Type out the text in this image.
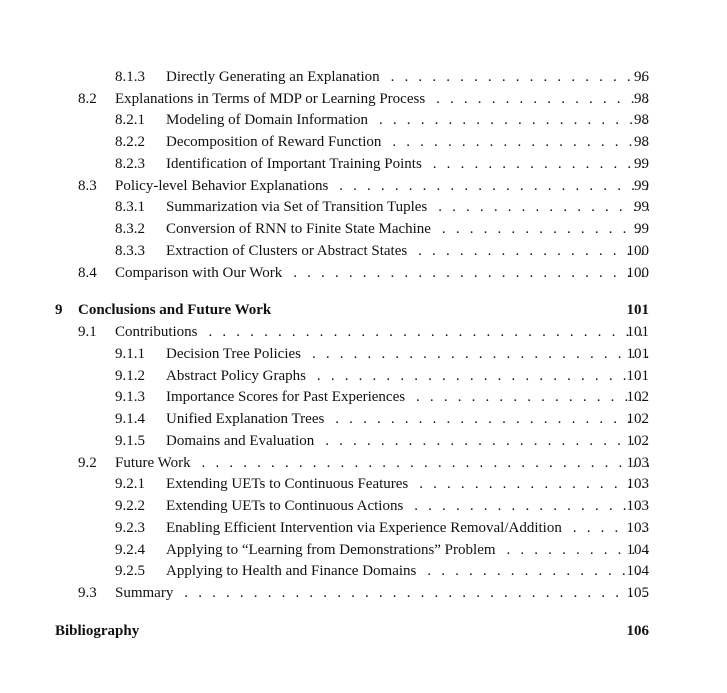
8.1.3 Directly Generating an Explanation . . .	96
8.2 Explanations in Terms of MDP or Learning Process . . .	98
8.2.1 Modeling of Domain Information . . .	98
8.2.2 Decomposition of Reward Function . . .	98
8.2.3 Identification of Important Training Points . . .	99
8.3 Policy-level Behavior Explanations . . .	99
8.3.1 Summarization via Set of Transition Tuples . . .	99
8.3.2 Conversion of RNN to Finite State Machine . . .	99
8.3.3 Extraction of Clusters or Abstract States . . .	100
8.4 Comparison with Our Work . . .	100
9 Conclusions and Future Work	101
9.1 Contributions . . .	101
9.1.1 Decision Tree Policies . . .	101
9.1.2 Abstract Policy Graphs . . .	101
9.1.3 Importance Scores for Past Experiences . . .	102
9.1.4 Unified Explanation Trees . . .	102
9.1.5 Domains and Evaluation . . .	102
9.2 Future Work . . .	103
9.2.1 Extending UETs to Continuous Features . . .	103
9.2.2 Extending UETs to Continuous Actions . . .	103
9.2.3 Enabling Efficient Intervention via Experience Removal/Addition . . .	103
9.2.4 Applying to “Learning from Demonstrations” Problem . . .	104
9.2.5 Applying to Health and Finance Domains . . .	104
9.3 Summary . . .	105
Bibliography	106
